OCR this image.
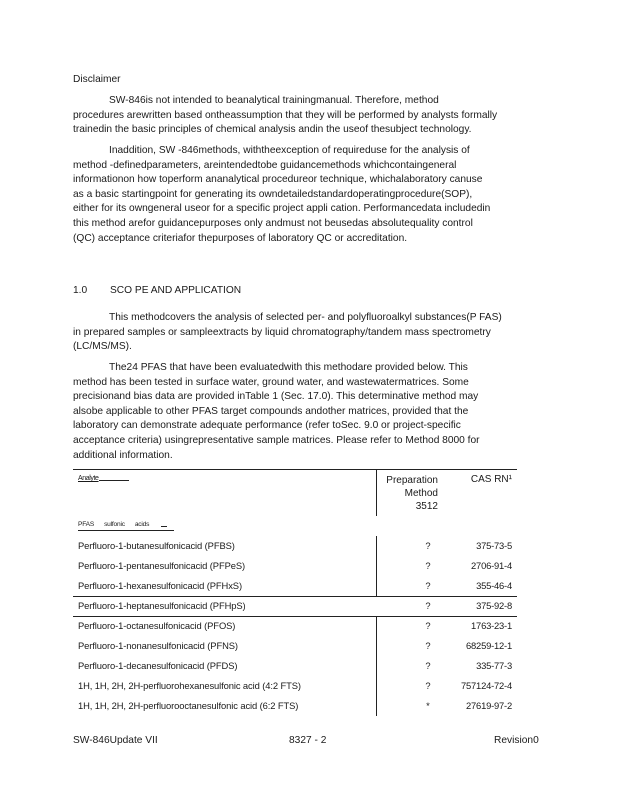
Disclaimer
SW-846is not intended to beanalytical trainingmanual. Therefore, method
procedures arewritten based ontheassumption that they will be performed by analysts formally
trainedin the basic principles of chemical analysis andin the useof thesubject technology.
Inaddition, SW -846methods, withtheexception of requireduse for the analysis of
method -definedparameters, areintendedtobe guidancemethods whichcontaingeneral
informationon how toperform ananalytical procedureor technique, whichalaboratory canuse
as a basic startingpoint for generating its owndetailedstandardoperatingprocedure(SOP),
either for its owngeneral useor for a specific project appli cation. Performancedata includedin
this method arefor guidancepurposes only andmust not beusedas absolutequality control
(QC) acceptance criteriafor thepurposes of laboratory QC or accreditation.
1.0 SCO PE AND APPLICATION
This methodcovers the analysis of selected per- and polyfluoroalkyl substances(P FAS)
in prepared samples or sampleextracts by liquid chromatography/tandem mass spectrometry
(LC/MS/MS).
The24 PFAS that have been evaluatedwith this methodare provided below. This
method has been tested in surface water, ground water, and wastewatermatrices. Some
precisionand bias data are provided inTable 1 (Sec. 17.0). This determinative method may
alsobe applicable to other PFAS target compounds andother matrices, provided that the
laboratory can demonstrate adequate performance (refer toSec. 9.0 or project-specific
acceptance criteria) usingrepresentative sample matrices. Please refer to Method 8000 for
additional information.
Analyte	Preparation
Method
3512
CAS RN¹
PFAS sulfonic acids
Perfluoro-1-butanesulfonicacid (PFBS)	?	375-73-5
Perfluoro-1-pentanesulfonicacid (PFPeS)	?	2706-91-4
Perfluoro-1-hexanesulfonicacid (PFHxS)	?	355-46-4
Perfluoro-1-heptanesulfonicacid (PFHpS)	?	375-92-8
Perfluoro-1-octanesulfonicacid (PFOS)	?	1763-23-1
Perfluoro-1-nonanesulfonicacid (PFNS)	?	68259-12-1
Perfluoro-1-decanesulfonicacid (PFDS)	?	335-77-3
1H, 1H, 2H, 2H-perfluorohexanesulfonic acid (4:2 FTS)	?	757124-72-4
1H, 1H, 2H, 2H-perfluorooctanesulfonic acid (6:2 FTS)	*	27619-97-2
SW-846Update VII	8327 - 2	Revision0
